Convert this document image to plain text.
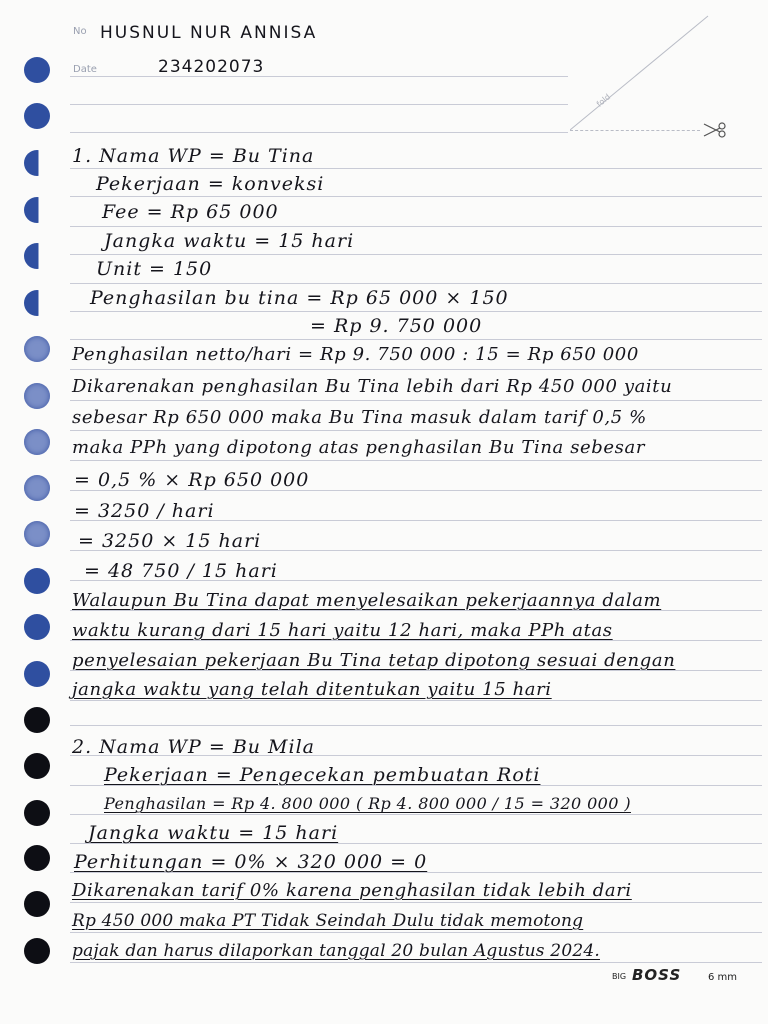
fold
No
Date
HUSNUL NUR ANNISA
234202073
1. Nama WP = Bu Tina
Pekerjaan = konveksi
Fee = Rp 65 000
Jangka waktu = 15 hari
Unit = 150
Penghasilan bu tina = Rp 65 000 × 150
= Rp 9. 750 000
Penghasilan netto/hari = Rp 9. 750 000 : 15 = Rp 650 000
Dikarenakan penghasilan Bu Tina lebih dari Rp 450 000 yaitu
sebesar Rp 650 000 maka Bu Tina masuk dalam tarif 0,5 %
maka PPh yang dipotong atas penghasilan Bu Tina sebesar
= 0,5 % × Rp 650 000
= 3250 / hari
= 3250 × 15 hari
= 48 750 / 15 hari
Walaupun Bu Tina dapat menyelesaikan pekerjaannya dalam
waktu kurang dari 15 hari yaitu 12 hari, maka PPh atas
penyelesaian pekerjaan Bu Tina tetap dipotong sesuai dengan
jangka waktu yang telah ditentukan yaitu 15 hari
2. Nama WP = Bu Mila
Pekerjaan = Pengecekan pembuatan Roti
Penghasilan = Rp 4. 800 000 ( Rp 4. 800 000 / 15 = 320 000 )
Jangka waktu = 15 hari
Perhitungan = 0% × 320 000 = 0
Dikarenakan tarif 0% karena penghasilan tidak lebih dari
Rp 450 000 maka PT Tidak Seindah Dulu tidak memotong
pajak dan harus dilaporkan tanggal 20 bulan Agustus 2024.
BIG BOSS	6 mm
